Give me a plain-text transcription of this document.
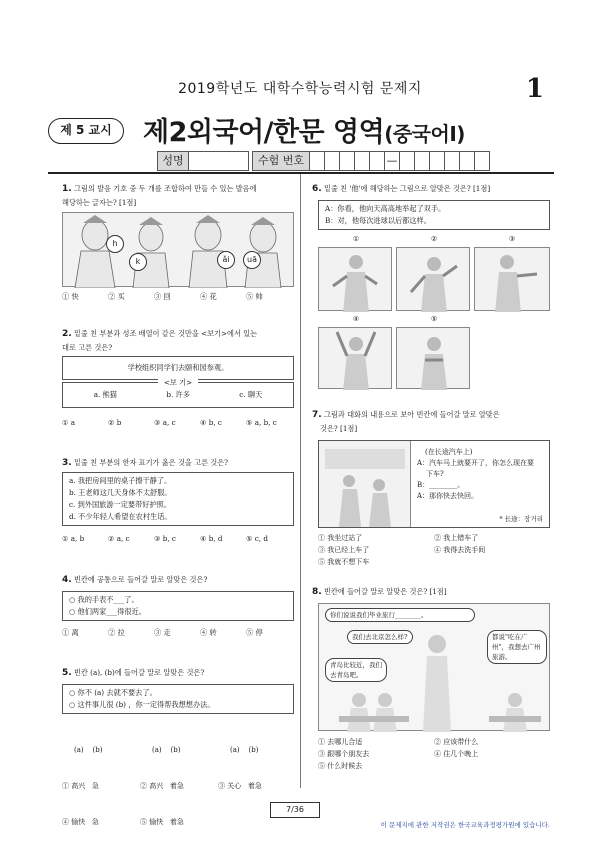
2019학년도 대학수학능력시험 문제지	1
제 5 교시	제2외국어/한문 영역(중국어Ⅰ)
성명	수험 번호	—
1. 그림의 발음 기호 중 두 개를 조합하여 만들 수 있는 발음에
해당하는 글자는? [1점]
h
k	ǎi	uā
① 快	② 买	③ 回	④ 花	⑤ 帅
2. 밑줄 친 부분과 성조 배열이 같은 것만을 <보기>에서 있는
대로 고른 것은?
学校组织同学们去颐和园参观。
<보 기>
a. 熊猫	b. 许多	c. 聊天
① a	② b	③ a, c	④ b, c	⑤ a, b, c
3. 밑줄 친 부분의 한자 표기가 옳은 것을 고른 것은?
a. 我把房间里的桌子擦干静了。
b. 王老师这几天身体不太舒服。
c. 到外国旅游一定要带好护照。
d. 不少年轻人希望在农村生话。
① a, b	② a, c	③ b, c	④ b, d	⑤ c, d
4. 빈칸에 공통으로 들어갈 말로 알맞은 것은?
○ 我的手表不___了。
○ 他们两家___得很近。
① 离	② 拉	③ 走	④ 转	⑤ 停
5. 빈칸 (a), (b)에 들어갈 말로 알맞은 것은?
○ 你不 (a) 去就不要去了。
○ 这件事儿很 (b) ，你一定得帮我想想办法。

(a)    (b)	(a)    (b)	(a)    (b)

① 高兴   急	② 高兴   着急	③ 关心   着急

④ 愉快   急	⑤ 愉快   着急

6. 밑줄 친 '他'에 해당하는 그림으로 알맞은 것은? [1점]
A：你看，他向天高高地举起了双手。
B：对，他每次进球以后都这样。
①	②	③
④	⑤
7. 그림과 대화의 내용으로 보아 빈칸에 들어갈 말로 알맞은
것은? [1점]
(在长途汽车上)
A：汽车马上就要开了，你怎么现在要
下车?
B：________。
A：那你快去快回。
* 长途：장거리
① 我坐过站了	② 我上错车了
③ 我已经上车了	④ 我得去洗手间
⑤ 我就不想下车
8. 빈칸에 들어갈 말로 알맞은 것은? [1점]
你们说说我们毕业旅行________。
我们去北京怎么样?
青岛比较近，我们去青岛吧。
都说"吃在广州"，我想去广州旅游。
① 去哪儿合适	② 应该带什么
③ 跟哪个朋友去	④ 住几个晚上
⑤ 什么时候去
7/36
이 문제지에 관한 저작권은 한국교육과정평가원에 있습니다.
